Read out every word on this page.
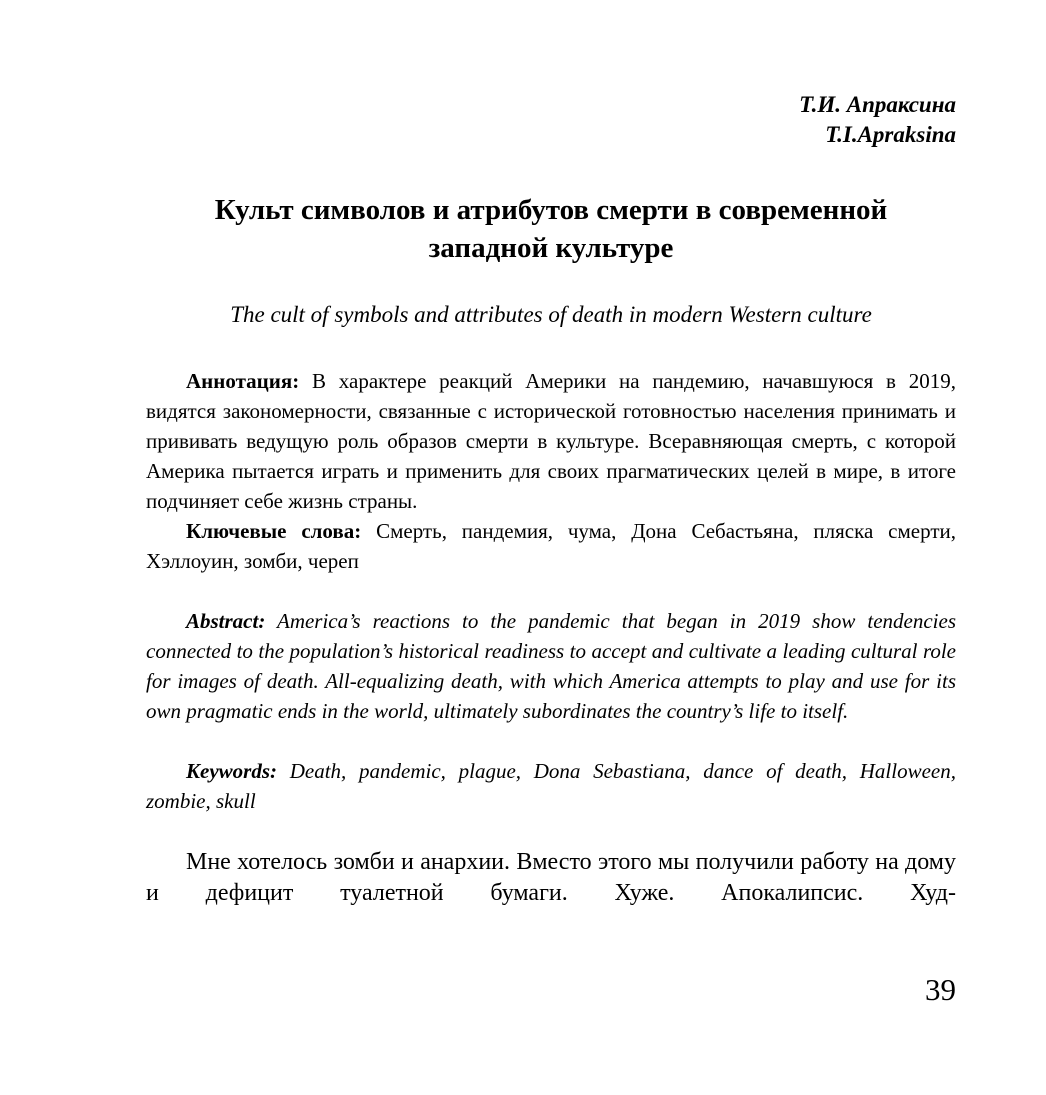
Т.И. Апраксина
T.I.Apraksina
Культ символов и атрибутов смерти в современной
западной культуре
The cult of symbols and attributes of death in modern Western culture

Аннотация: В характере реакций Америки на пандемию, начавшуюся в 2019, видятся закономерности, связанные с исторической готовностью населения принимать и прививать ведущую роль образов смерти в культуре. Всеравняющая смерть, с которой Америка пытается играть и применить для своих прагматических целей в мире, в итоге подчиняет себе жизнь страны.

Ключевые слова: Смерть, пандемия, чума, Дона Себастьяна, пляска смерти, Хэллоуин, зомби, череп

Abstract: America’s reactions to the pandemic that began in 2019 show tendencies connected to the population’s historical readiness to accept and cultivate a leading cultural role for images of death. All-equalizing death, with which America attempts to play and use for its own pragmatic ends in the world, ultimately subordinates the country’s life to itself.

Keywords: Death, pandemic, plague, Dona Sebastiana, dance of death, Halloween, zombie, skull

Мне хотелось зомби и анархии. Вместо этого мы получили работу на дому и дефицит туалетной бумаги. Хуже. Апокалипсис. Худ-

39
